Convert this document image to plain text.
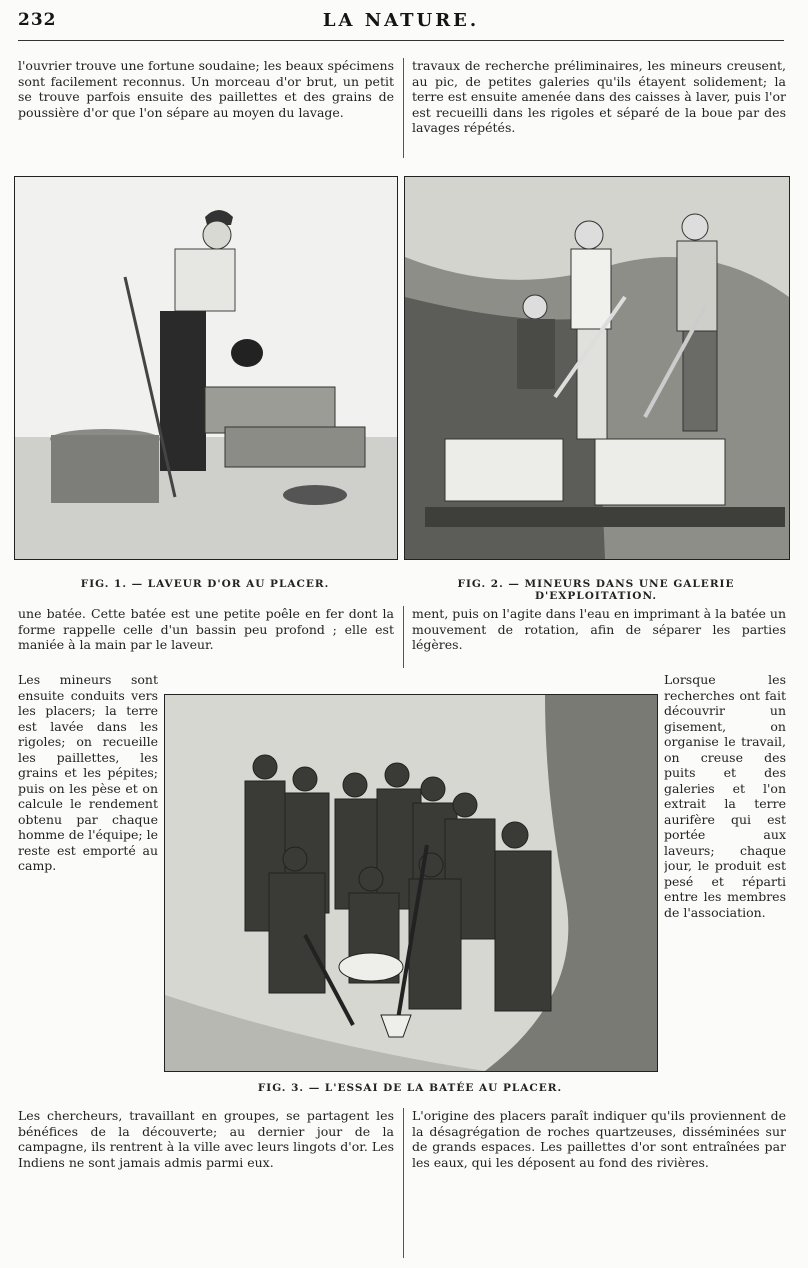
232	LA NATURE.

l'ouvrier trouve une fortune soudaine; les beaux spécimens sont facilement reconnus. Un morceau d'or brut, un petit se trouve parfois ensuite des paillettes et des grains de poussière d'or que l'on sépare au moyen du lavage.

travaux de recherche préliminaires, les mineurs creusent, au pic, de petites galeries qu'ils étayent solidement; la terre est ensuite amenée dans des caisses à laver, puis l'or est recueilli dans les rigoles et séparé de la boue par des lavages répétés.

FIG. 1. — LAVEUR D'OR AU PLACER.	FIG. 2. — MINEURS DANS UNE GALERIE D'EXPLOITATION.

une batée. Cette batée est une petite poêle en fer dont la forme rappelle celle d'un bassin peu profond ; elle est maniée à la main par le laveur.

ment, puis on l'agite dans l'eau en imprimant à la batée un mouvement de rotation, afin de séparer les parties légères.

Les mineurs sont ensuite conduits vers les placers; la terre est lavée dans les rigoles; on recueille les paillettes, les grains et les pépites; puis on les pèse et on calcule le rendement obtenu par chaque homme de l'équipe; le reste est emporté au camp.

Lorsque les recherches ont fait découvrir un gisement, on organise le travail, on creuse des puits et des galeries et l'on extrait la terre aurifère qui est portée aux laveurs; chaque jour, le produit est pesé et réparti entre les membres de l'association.

FIG. 3. — L'ESSAI DE LA BATÉE AU PLACER.

Les chercheurs, travaillant en groupes, se partagent les bénéfices de la découverte; au dernier jour de la campagne, ils rentrent à la ville avec leurs lingots d'or. Les Indiens ne sont jamais admis parmi eux.

L'origine des placers paraît indiquer qu'ils proviennent de la désagrégation de roches quartzeuses, disséminées sur de grands espaces. Les paillettes d'or sont entraînées par les eaux, qui les déposent au fond des rivières.
